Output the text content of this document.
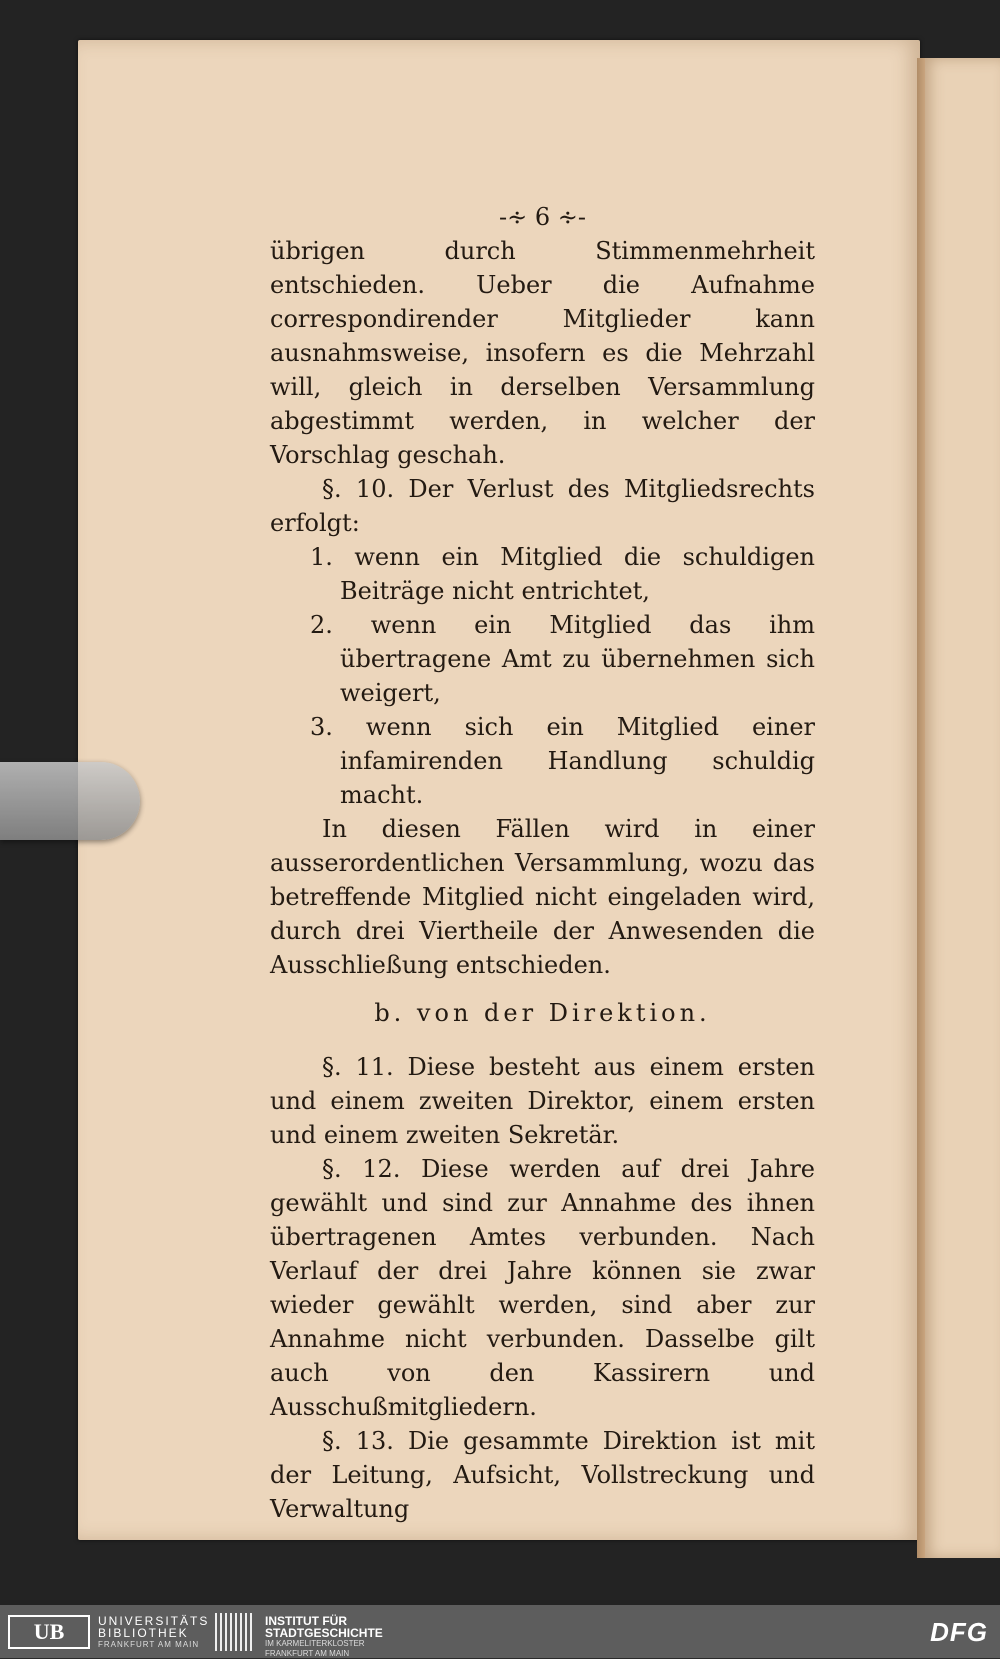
-∻ 6 ∻-

übrigen durch Stimmenmehrheit entschieden. Ueber die Aufnahme correspondirender Mitglieder kann ausnahmsweise, insofern es die Mehrzahl will, gleich in derselben Versammlung abgestimmt werden, in welcher der Vorschlag geschah.

§. 10. Der Verlust des Mitgliedsrechts erfolgt:

1. wenn ein Mitglied die schuldigen Beiträge nicht entrichtet,

2. wenn ein Mitglied das ihm übertragene Amt zu übernehmen sich weigert,

3. wenn sich ein Mitglied einer infamirenden Handlung schuldig macht.

In diesen Fällen wird in einer ausserordentlichen Versammlung, wozu das betreffende Mitglied nicht eingeladen wird, durch drei Viertheile der Anwesenden die Ausschließung entschieden.

b. von der Direktion.

§. 11. Diese besteht aus einem ersten und einem zweiten Direktor, einem ersten und einem zweiten Sekretär.

§. 12. Diese werden auf drei Jahre gewählt und sind zur Annahme des ihnen übertragenen Amtes verbunden. Nach Verlauf der drei Jahre können sie zwar wieder gewählt werden, sind aber zur Annahme nicht verbunden. Dasselbe gilt auch von den Kassirern und Ausschußmitgliedern.

§. 13. Die gesammte Direktion ist mit der Leitung, Aufsicht, Vollstreckung und Verwaltung

UB	UNIVERSITÄTS
BIBLIOTHEK
FRANKFURT AM MAIN
INSTITUT FÜR
STADTGESCHICHTE
IM KARMELITERKLOSTER
FRANKFURT AM MAIN
DFG
